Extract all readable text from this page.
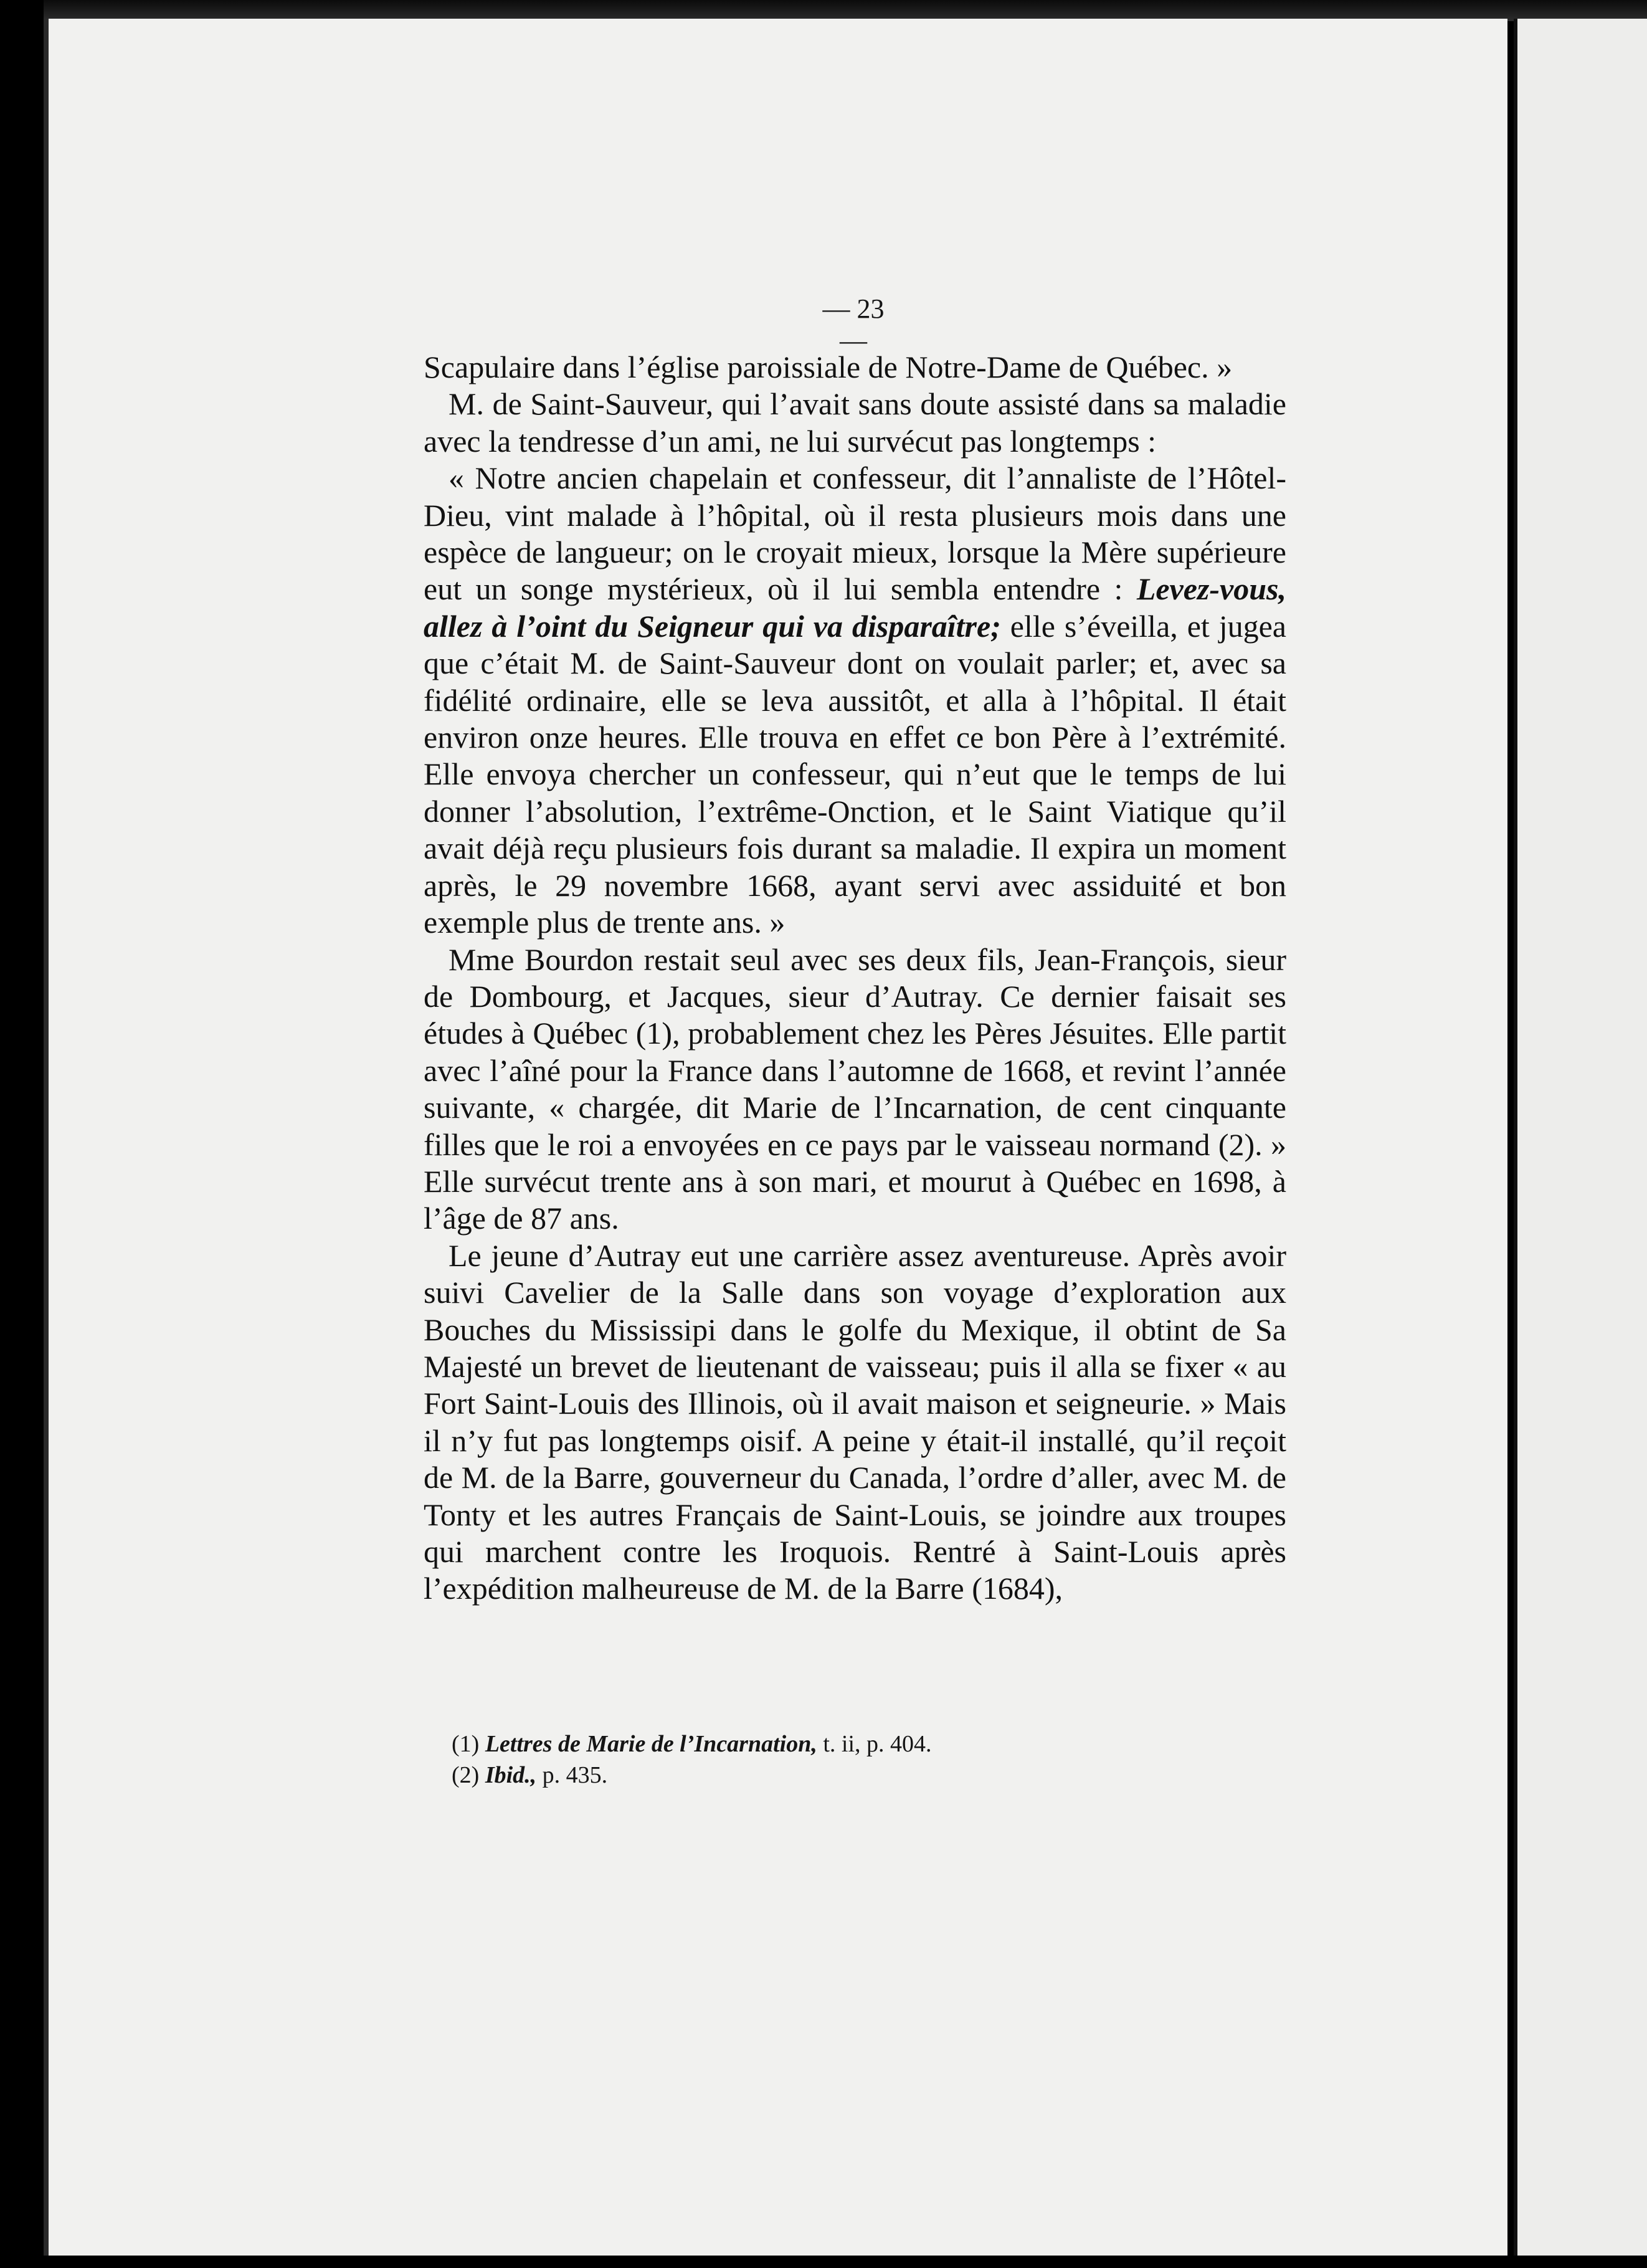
— 23 —

Scapulaire dans l’église paroissiale de Notre-Dame de Québec. »

M. de Saint-Sauveur, qui l’avait sans doute assisté dans sa maladie avec la tendresse d’un ami, ne lui survécut pas longtemps :

« Notre ancien chapelain et confesseur, dit l’annaliste de l’Hôtel-Dieu, vint malade à l’hôpital, où il resta plusieurs mois dans une espèce de langueur; on le croyait mieux, lorsque la Mère supérieure eut un songe mystérieux, où il lui sembla entendre : Levez-vous, allez à l’oint du Seigneur qui va disparaître; elle s’éveilla, et jugea que c’était M. de Saint-Sauveur dont on voulait parler; et, avec sa fidélité ordinaire, elle se leva aussitôt, et alla à l’hôpital. Il était environ onze heures. Elle trouva en effet ce bon Père à l’extrémité. Elle envoya chercher un confesseur, qui n’eut que le temps de lui donner l’absolution, l’extrême-Onction, et le Saint Viatique qu’il avait déjà reçu plusieurs fois durant sa maladie. Il expira un moment après, le 29 novembre 1668, ayant servi avec assiduité et bon exemple plus de trente ans. »

Mme Bourdon restait seul avec ses deux fils, Jean-François, sieur de Dombourg, et Jacques, sieur d’Autray. Ce dernier faisait ses études à Québec (1), probablement chez les Pères Jésuites. Elle partit avec l’aîné pour la France dans l’automne de 1668, et revint l’année suivante, « chargée, dit Marie de l’Incarnation, de cent cinquante filles que le roi a envoyées en ce pays par le vaisseau normand (2). » Elle survécut trente ans à son mari, et mourut à Québec en 1698, à l’âge de 87 ans.

Le jeune d’Autray eut une carrière assez aventureuse. Après avoir suivi Cavelier de la Salle dans son voyage d’exploration aux Bouches du Mississipi dans le golfe du Mexique, il obtint de Sa Majesté un brevet de lieutenant de vaisseau; puis il alla se fixer « au Fort Saint-Louis des Illinois, où il avait maison et seigneurie. » Mais il n’y fut pas longtemps oisif. A peine y était-il installé, qu’il reçoit de M. de la Barre, gouverneur du Canada, l’ordre d’aller, avec M. de Tonty et les autres Français de Saint-Louis, se joindre aux troupes qui marchent contre les Iroquois. Rentré à Saint-Louis après l’expédition malheureuse de M. de la Barre (1684),

(1) Lettres de Marie de l’Incarnation, t. ii, p. 404.

(2) Ibid., p. 435.
